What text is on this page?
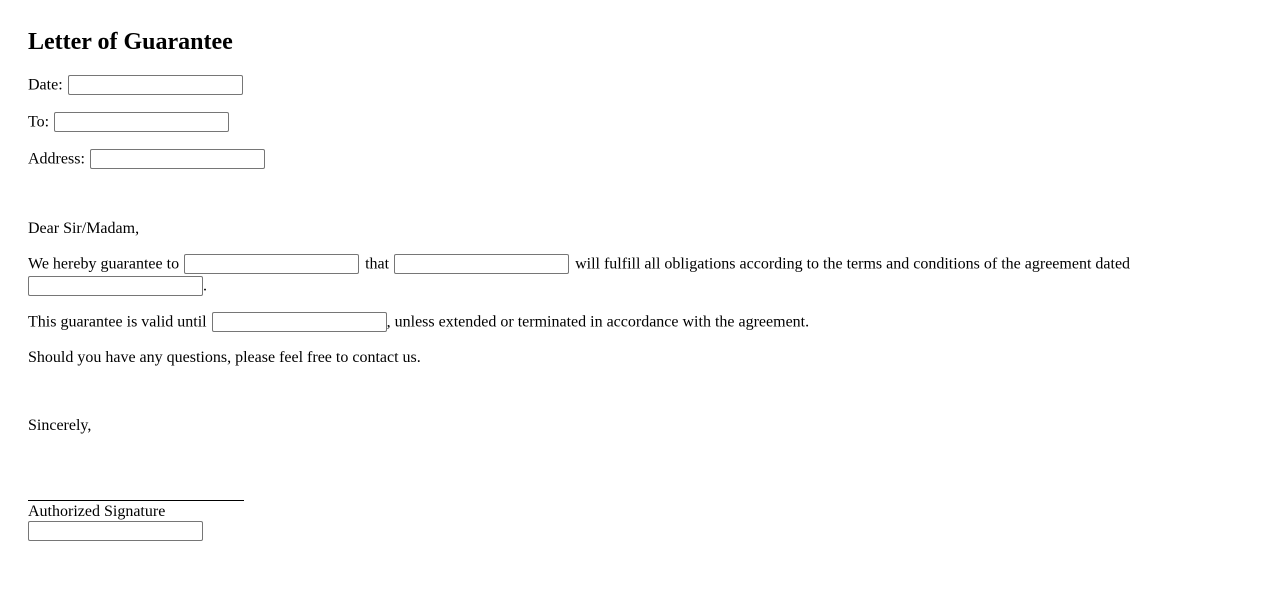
Letter of Guarantee
Date:
To:
Address:
Dear Sir/Madam,
We hereby guarantee to	that	will fulfill all obligations according to the terms and conditions of the agreement dated
.
This guarantee is valid until	, unless extended or terminated in accordance with the agreement.
Should you have any questions, please feel free to contact us.
Sincerely,
Authorized Signature
